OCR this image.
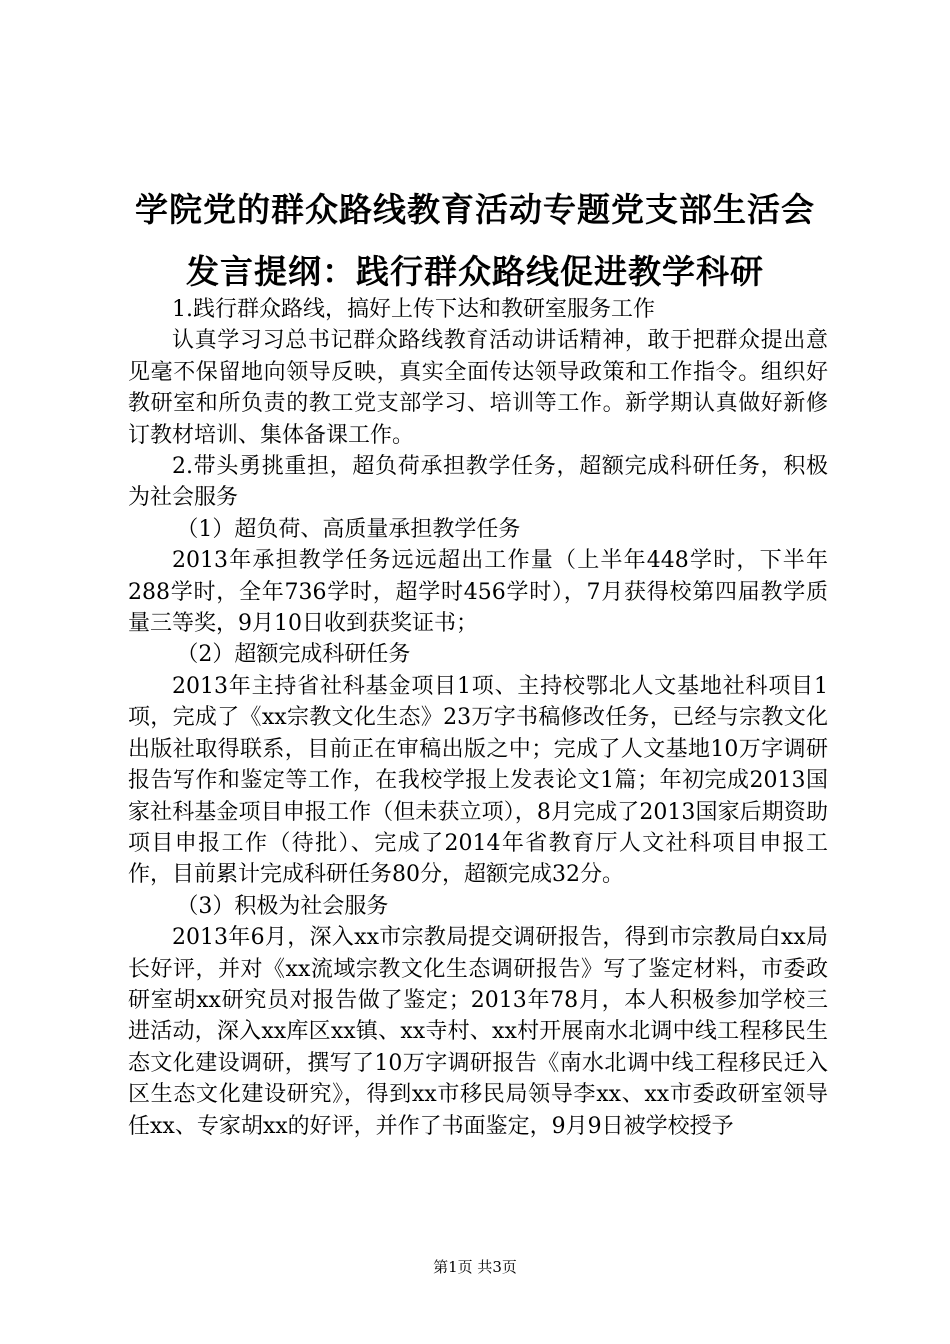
学院党的群众路线教育活动专题党支部生活会
发言提纲：践行群众路线促进教学科研

1.践行群众路线，搞好上传下达和教研室服务工作

认真学习习总书记群众路线教育活动讲话精神，敢于把群众提出意见毫不保留地向领导反映，真实全面传达领导政策和工作指令。组织好教研室和所负责的教工党支部学习、培训等工作。新学期认真做好新修订教材培训、集体备课工作。

2.带头勇挑重担，超负荷承担教学任务，超额完成科研任务，积极为社会服务

（1）超负荷、高质量承担教学任务

2013年承担教学任务远远超出工作量（上半年448学时，下半年288学时，全年736学时，超学时456学时），7月获得校第四届教学质量三等奖，9月10日收到获奖证书；

（2）超额完成科研任务

2013年主持省社科基金项目1项、主持校鄂北人文基地社科项目1项，完成了《xx宗教文化生态》23万字书稿修改任务，已经与宗教文化出版社取得联系，目前正在审稿出版之中；完成了人文基地10万字调研报告写作和鉴定等工作，在我校学报上发表论文1篇；年初完成2013国家社科基金项目申报工作（但未获立项），8月完成了2013国家后期资助项目申报工作（待批）、完成了2014年省教育厅人文社科项目申报工作，目前累计完成科研任务80分，超额完成32分。

（3）积极为社会服务

2013年6月，深入xx市宗教局提交调研报告，得到市宗教局白xx局长好评，并对《xx流域宗教文化生态调研报告》写了鉴定材料，市委政研室胡xx研究员对报告做了鉴定；2013年78月，本人积极参加学校三进活动，深入xx库区xx镇、xx寺村、xx村开展南水北调中线工程移民生态文化建设调研，撰写了10万字调研报告《南水北调中线工程移民迁入区生态文化建设研究》，得到xx市移民局领导李xx、xx市委政研室领导任xx、专家胡xx的好评，并作了书面鉴定，9月9日被学校授予

第1页 共3页
